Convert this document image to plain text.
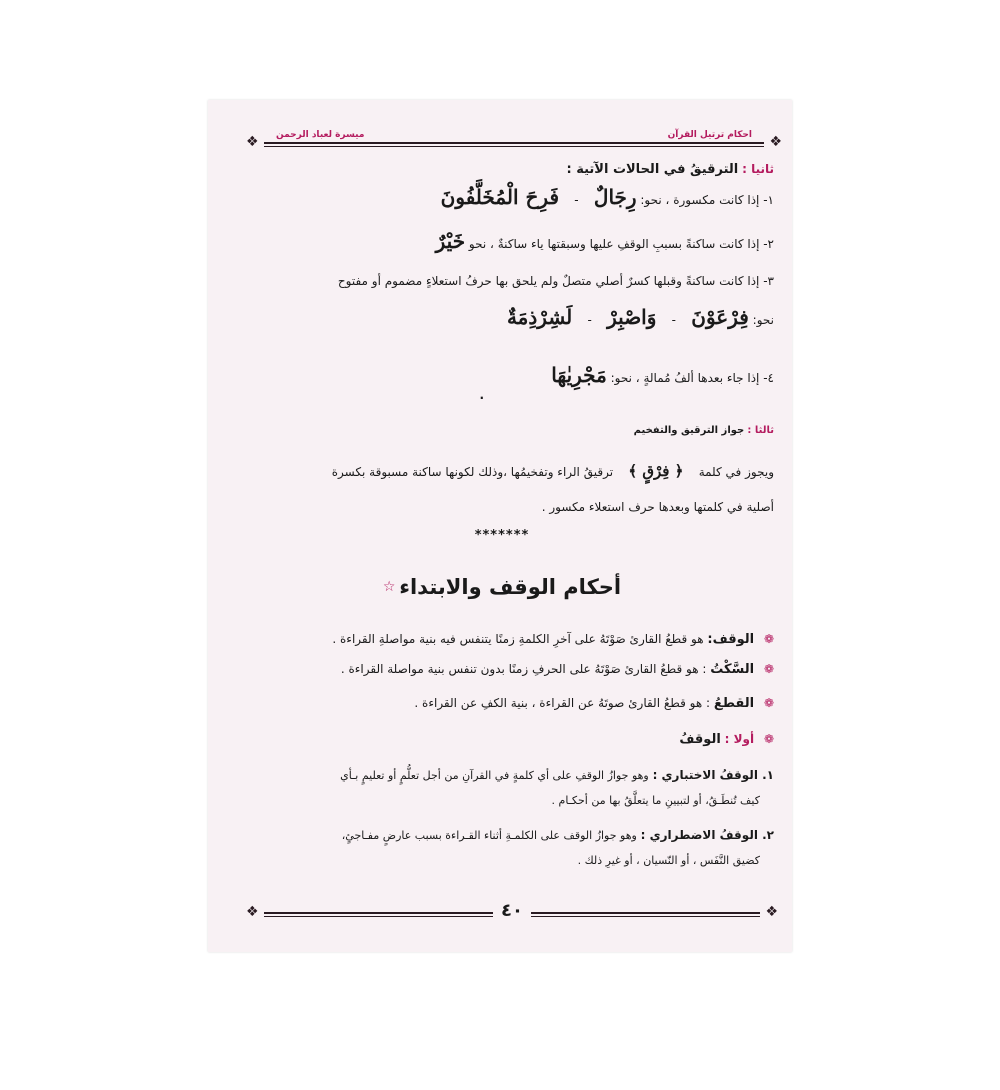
❖	❖
احكام ترتيل القرآن
ميسرة لعباد الرحمن
ثانيا : الترقيقُ في الحالات الآتية :
١- إذا كانت مكسورة ، نحو: رِجَالٌ    -    فَرِحَ الْمُخَلَّفُونَ
٢- إذا كانت ساكنةً بسببِ الوقفِ عليها وسبقتها ياء ساكنةٌ ، نحو خَيْرٌ
٣- إذا كانت ساكنةً وقبلها كسرٌ أصلي متصلٌ ولم يلحق بها حرفُ استعلاءٍ مضموم أو مفتوح
نحو: فِرْعَوْنَ    -    وَاصْبِرْ    -    لَشِرْذِمَةٌ
٤- إذا جاء بعدها ألفُ مُمالةٍ ، نحو: مَجْرِيٰهَا
.
ثالثا : جواز الترقيق والتفخيم
ويجوز في كلمة    ﴿ فِرْقٍ ﴾    ترقيقُ الراء وتفخيمُها ،وذلك لكونها ساكنة مسبوقة بكسرة
أصلية في كلمتها وبعدها حرف استعلاء مكسور .
*******
أحكام الوقف والابتداء ☆
❁ الوقف: هو قطعُ القارئ صَوْتَهُ على آخرِ الكلمةِ زمنًا يتنفس فيه بنية مواصلةِ القراءة .
❁ السَّكْتُ : هو قطعُ القارئ صَوْتَهُ على الحرفِ زمنًا بدون تنفس بنية مواصلة القراءة .
❁ القطعُ : هو قطعُ القارئ صوتَهُ عن القراءة ، بنية الكفِ عن القراءة .
❁ أولا : الوقفُ
١. الوقفُ الاختباري : وهو جوازُ الوقفِ على أي كلمةٍ في القرآنِ من أجل تعلُّمٍ أو تعليمٍ بـأي
كيف تُنطَـقُ، أو لتبيينِ ما يتعلَّقُ بها من أحكـام .
٢. الوقفُ الاضطراري : وهو جوازُ الوقف على الكلمـةِ أثناء القـراءة بسبب عارضٍ مفـاجئٍ،
كضيق النَّفَس ، أو النّسيان ، أو غيرِ ذلك .
❖	❖
٤٠
